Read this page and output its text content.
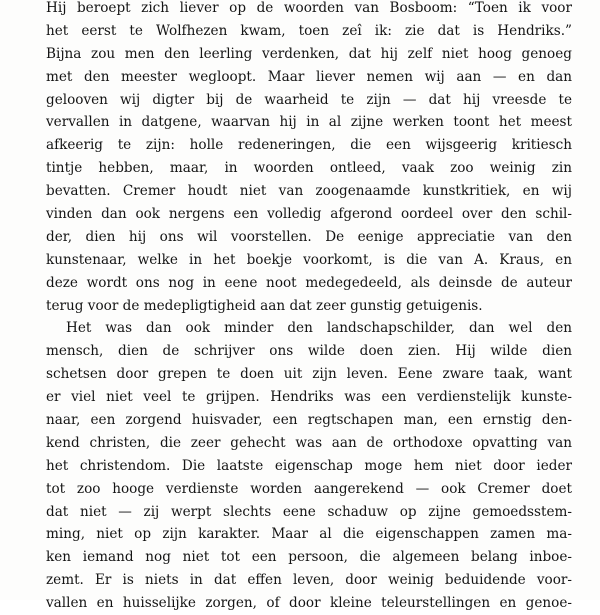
Hij beroept zich liever op de woorden van Bosboom: “Toen ik voor
het eerst te Wolfhezen kwam, toen zeî ik: zie dat is Hendriks.”
Bijna zou men den leerling verdenken, dat hij zelf niet hoog genoeg
met den meester wegloopt. Maar liever nemen wij aan — en dan
gelooven wij digter bij de waarheid te zijn — dat hij vreesde te
vervallen in datgene, waarvan hij in al zijne werken toont het meest
afkeerig te zijn: holle redeneringen, die een wijsgeerig kritiesch
tintje hebben, maar, in woorden ontleed, vaak zoo weinig zin
bevatten. Cremer houdt niet van zoogenaamde kunstkritiek, en wij
vinden dan ook nergens een volledig afgerond oordeel over den schil-
der, dien hij ons wil voorstellen. De eenige appreciatie van den
kunstenaar, welke in het boekje voorkomt, is die van A. Kraus, en
deze wordt ons nog in eene noot medegedeeld, als deinsde de auteur
terug voor de medepligtigheid aan dat zeer gunstig getuigenis.
Het was dan ook minder den landschapschilder, dan wel den
mensch, dien de schrijver ons wilde doen zien. Hij wilde dien
schetsen door grepen te doen uit zijn leven. Eene zware taak, want
er viel niet veel te grijpen. Hendriks was een verdienstelijk kunste-
naar, een zorgend huisvader, een regtschapen man, een ernstig den-
kend christen, die zeer gehecht was aan de orthodoxe opvatting van
het christendom. Die laatste eigenschap moge hem niet door ieder
tot zoo hooge verdienste worden aangerekend — ook Cremer doet
dat niet — zij werpt slechts eene schaduw op zijne gemoedsstem-
ming, niet op zijn karakter. Maar al die eigenschappen zamen ma-
ken iemand nog niet tot een persoon, die algemeen belang inboe-
zemt. Er is niets in dat effen leven, door weinig beduidende voor-
vallen en huisselijke zorgen, of door kleine teleurstellingen en genoe-
